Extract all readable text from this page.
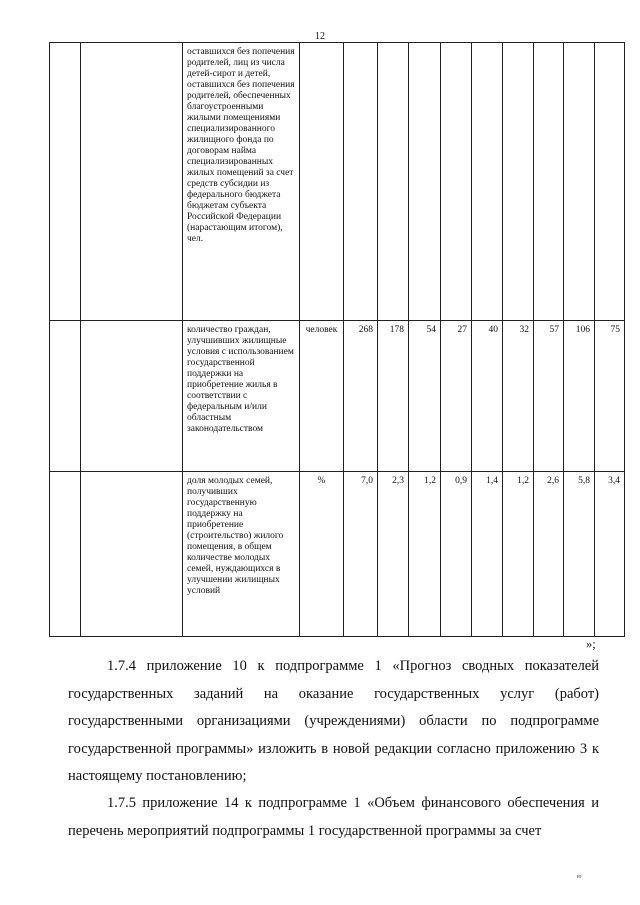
12
		оставшихся без попечения родителей, лиц из числа детей-сирот и детей, оставшихся без попечения родителей, обеспеченных благоустроенными жилыми помещениями специализированного жилищного фонда по договорам найма специализированных жилых помещений за счет средств субсидии из федерального бюджета бюджетам субъекта Российской Федерации (нарастающим итогом), чел.										
		количество граждан, улучшивших жилищные условия с использованием государственной поддержки на приобретение жилья в соответствии с федеральным и/или областным законодательством	человек	268	178	54	27	40	32	57	106	75
		доля молодых семей, получивших государственную поддержку на приобретение (строительство) жилого помещения, в общем количестве молодых семей, нуждающихся в улучшении жилищных условий	%	7,0	2,3	1,2	0,9	1,4	1,2	2,6	5,8	3,4
»;

1.7.4 приложение 10 к подпрограмме 1 «Прогноз сводных показателей государственных заданий на оказание государственных услуг (работ) государственными организациями (учреждениями) области по подпрограмме государственной программы» изложить в новой редакции согласно приложению 3 к настоящему постановлению;

1.7.5 приложение 14 к подпрограмме 1 «Объем финансового обеспечения и перечень мероприятий подпрограммы 1 государственной программы за счет

ю
